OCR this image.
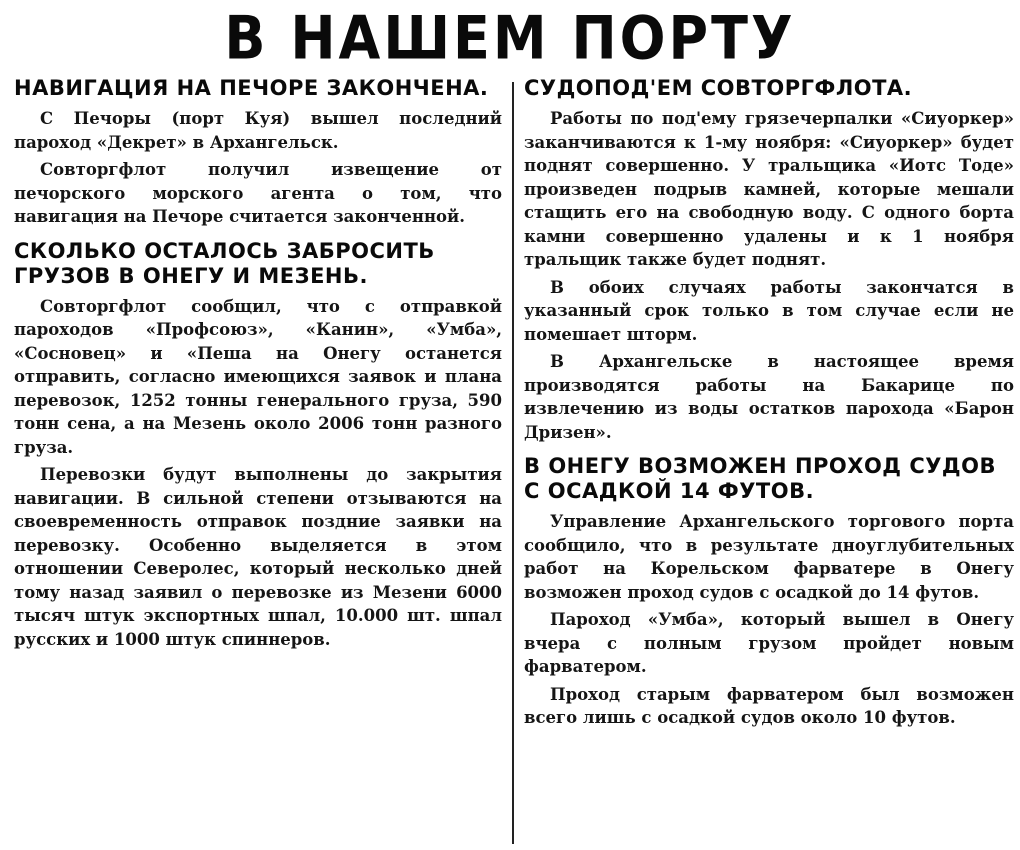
В НАШЕМ ПОРТУ
НАВИГАЦИЯ НА ПЕЧОРЕ ЗАКОНЧЕНА.

С Печоры (порт Куя) вышел последний пароход «Декрет» в Архангельск.

Совторгфлот получил извещение от печорского морского агента о том, что навигация на Печоре считается законченной.

СКОЛЬКО ОСТАЛОСЬ ЗАБРОСИТЬ ГРУЗОВ В ОНЕГУ И МЕЗЕНЬ.

Совторгфлот сообщил, что с отправкой пароходов «Профсоюз», «Канин», «Умба», «Сосновец» и «Пеша на Онегу останется отправить, согласно имеющихся заявок и плана перевозок, 1252 тонны генерального груза, 590 тонн сена, а на Мезень около 2006 тонн разного груза.

Перевозки будут выполнены до закрытия навигации. В сильной степени отзываются на своевременность отправок поздние заявки на перевозку. Особенно выделяется в этом отношении Северолес, который несколько дней тому назад заявил о перевозке из Мезени 6000 тысяч штук экспортных шпал, 10.000 шт. шпал русских и 1000 штук спиннеров.

СУДОПОД'ЕМ СОВТОРГФЛОТА.

Работы по под'ему грязечерпалки «Сиуоркер» заканчиваются к 1-му ноября: «Сиуоркер» будет поднят совершенно. У тральщика «Иотс Тоде» произведен подрыв камней, которые мешали стащить его на свободную воду. С одного борта камни совершенно удалены и к 1 ноября тральщик также будет поднят.

В обоих случаях работы закончатся в указанный срок только в том случае если не помешает шторм.

В Архангельске в настоящее время производятся работы на Бакарице по извлечению из воды остатков парохода «Барон Дризен».

В ОНЕГУ ВОЗМОЖЕН ПРОХОД СУДОВ С ОСАДКОЙ 14 ФУТОВ.

Управление Архангельского торгового порта сообщило, что в результате дноуглубительных работ на Корельском фарватере в Онегу возможен проход судов с осадкой до 14 футов.

Пароход «Умба», который вышел в Онегу вчера с полным грузом пройдет новым фарватером.

Проход старым фарватером был возможен всего лишь с осадкой судов около 10 футов.
